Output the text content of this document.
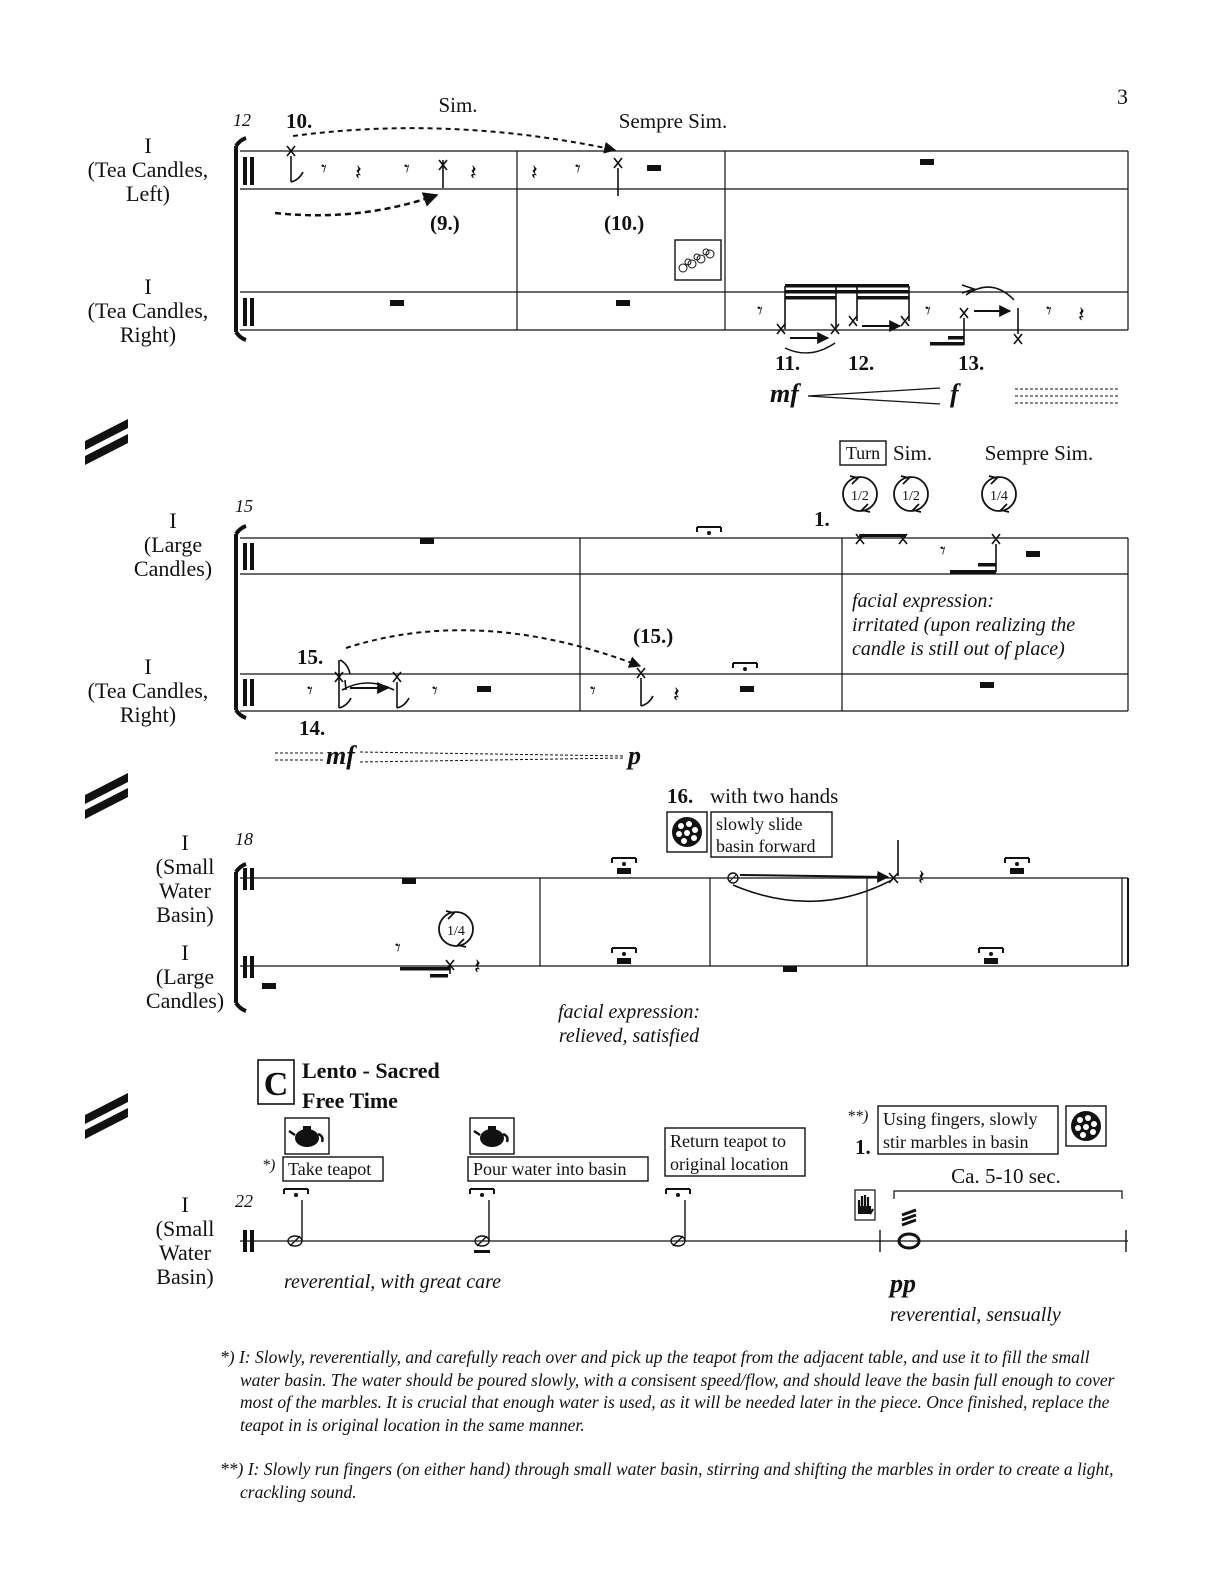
3
12
I
(Tea Candles,
Left)
I
(Tea Candles,
Right)
𝄾 𝄽 𝄾	𝄽 𝄽 𝄾
Sim.
Sempre Sim.
10.
(9.)	(10.)
𝄾	𝄾	𝄾 𝄽
11. 12.	13.
mf	f
15
I
(Large
Candles)
I
(Tea Candles,
Right)
𝄾
1/2 1/2	1/4
Turn Sim.	Sempre Sim.
1.
facial expression:
irritated (upon realizing the
candle is still out of place)
𝄾	𝄾	𝄾	𝄽
15.
14.
(15.)
mf	p
18
I
(Small
Water
Basin)
I
(Large
Candles)
𝄽
16. with two hands
slowly slide
basin forward
𝄾
𝄽
1/4
facial expression:
relieved, satisfied
C Lento - Sacred
Free Time
22
I
(Small
Water
Basin)
*) Take teapot	Pour water into basin
Return teapot to
original location
**) Using fingers, slowly
stir marbles in basin
1.
Ca. 5-10 sec.
reverential, with great care	pp
reverential, sensually
*) I: Slowly, reverentially, and carefully reach over and pick up the teapot from the adjacent table, and use it to fill the small water basin. The water should be poured slowly, with a consisent speed/flow, and should leave the basin full enough to cover most of the marbles. It is crucial that enough water is used, as it will be needed later in the piece. Once finished, replace the teapot in is original location in the same manner.
**) I: Slowly run fingers (on either hand) through small water basin, stirring and shifting the marbles in order to create a light, crackling sound.
